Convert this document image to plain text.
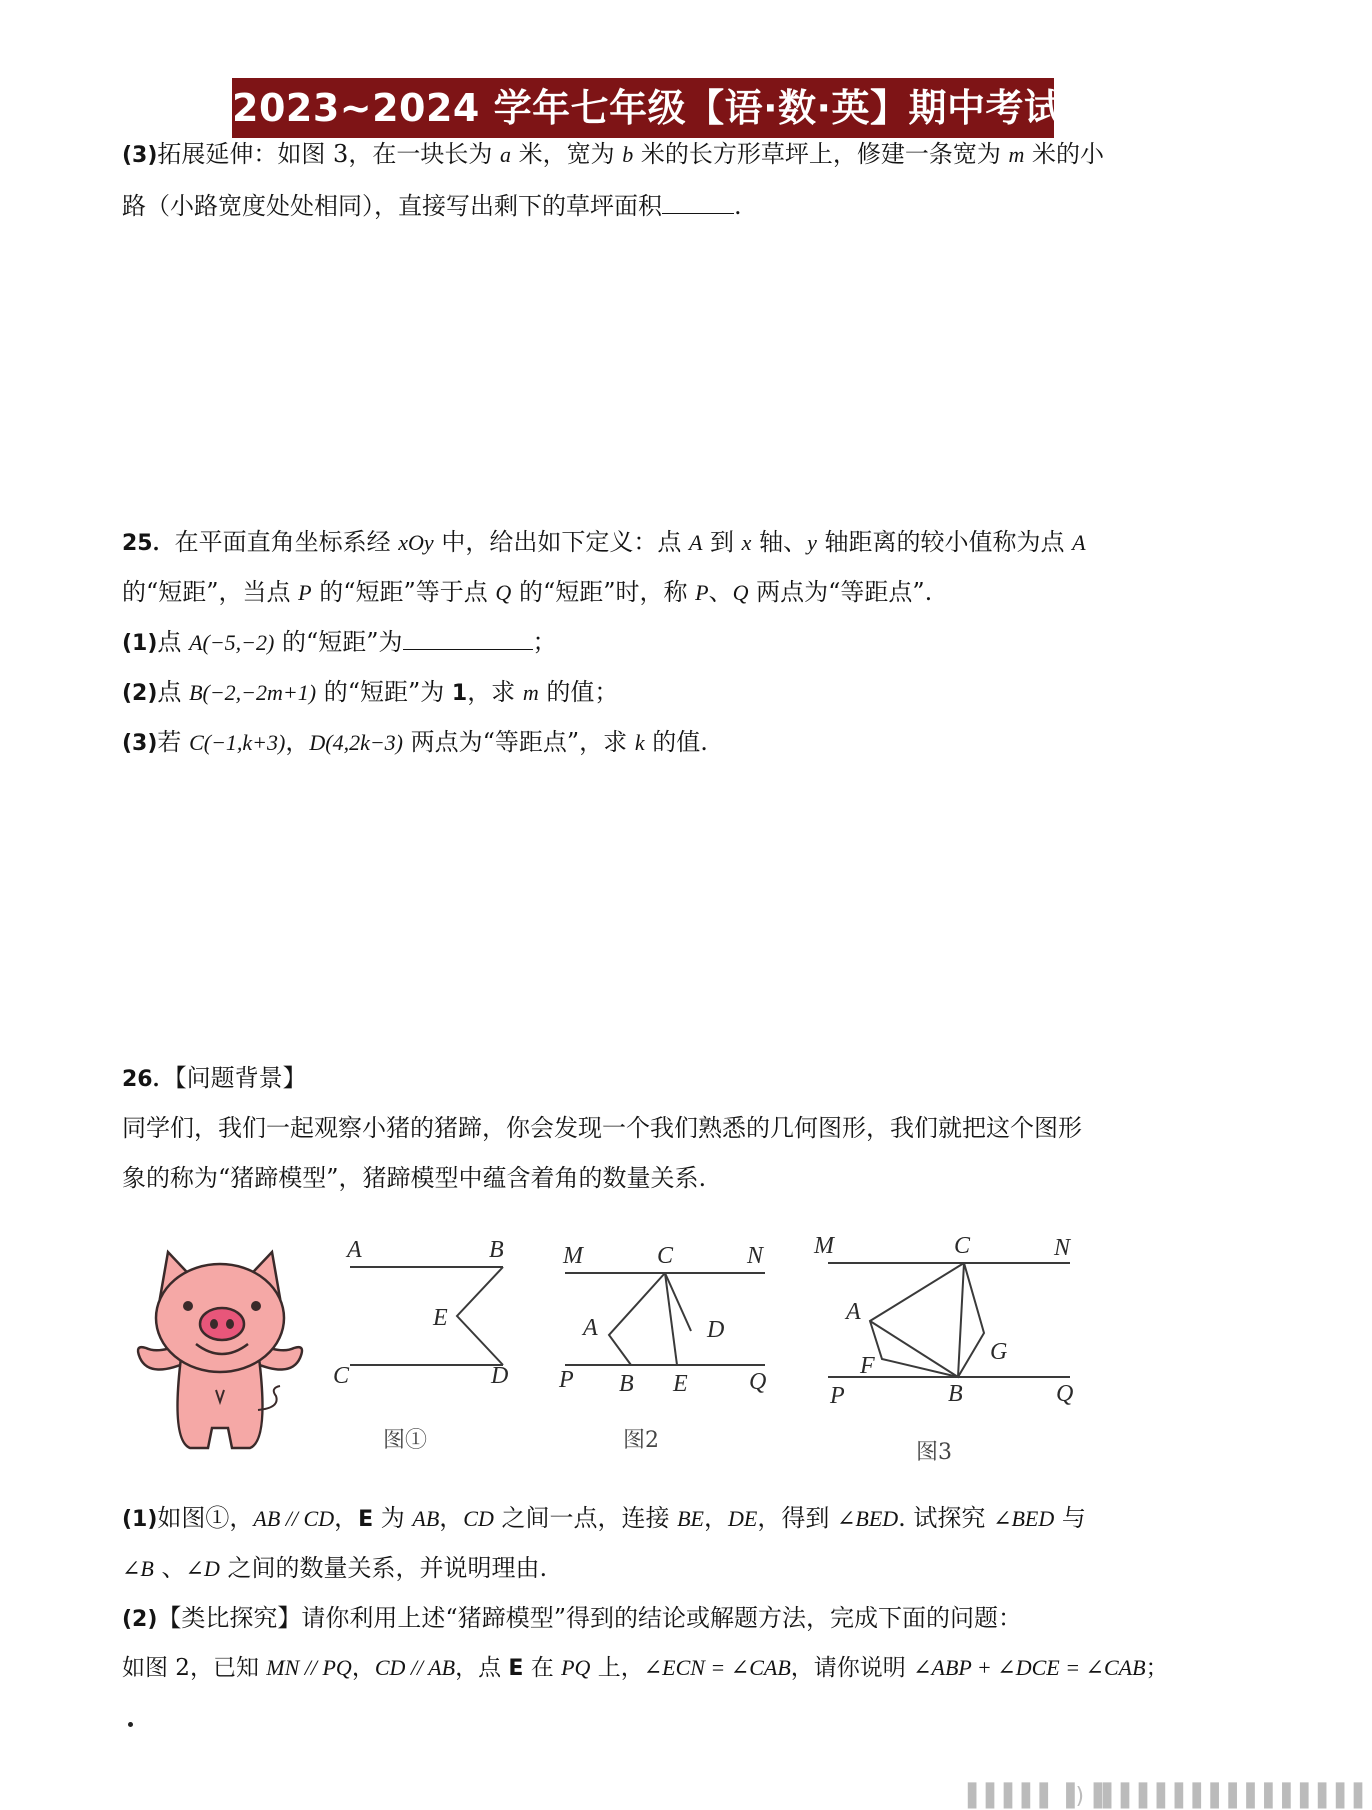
2023~2024 学年七年级【语·数·英】期中考试测试卷
(3)拓展延伸：如图 3，在一块长为 a 米，宽为 b 米的长方形草坪上，修建一条宽为 m 米的小
路（小路宽度处处相同），直接写出剩下的草坪面积	.
25．在平面直角坐标系经 xOy 中，给出如下定义：点 A 到 x 轴、y 轴距离的较小值称为点 A
的“短距”，当点 P 的“短距”等于点 Q 的“短距”时，称 P、Q 两点为“等距点”.
(1)点 A(−5,−2) 的“短距”为	；
(2)点 B(−2,−2m+1) 的“短距”为 1，求 m 的值；
(3)若 C(−1,k+3)，D(4,2k−3) 两点为“等距点”，求 k 的值.
26．【问题背景】
同学们，我们一起观察小猪的猪蹄，你会发现一个我们熟悉的几何图形，我们就把这个图形
象的称为“猪蹄模型”，猪蹄模型中蕴含着角的数量关系.
A	B
E
C	D
图①
M	C	N
A	D
P B E	Q
图2
M	C	N
A
F
G
P	B	Q
图3
(1)如图①，AB // CD，E 为 AB，CD 之间一点，连接 BE，DE，得到 ∠BED. 试探究 ∠BED 与
∠B 、∠D 之间的数量关系，并说明理由.
(2)【类比探究】请你利用上述“猪蹄模型”得到的结论或解题方法，完成下面的问题：
如图 2，已知 MN // PQ，CD // AB，点 E 在 PQ 上，∠ECN = ∠CAB，请你说明 ∠ABP + ∠DCE = ∠CAB；
▌▌▌▌▌▐)▐▌▌▌▌▌▌▌▌▌▌▌▌▌▌▌
